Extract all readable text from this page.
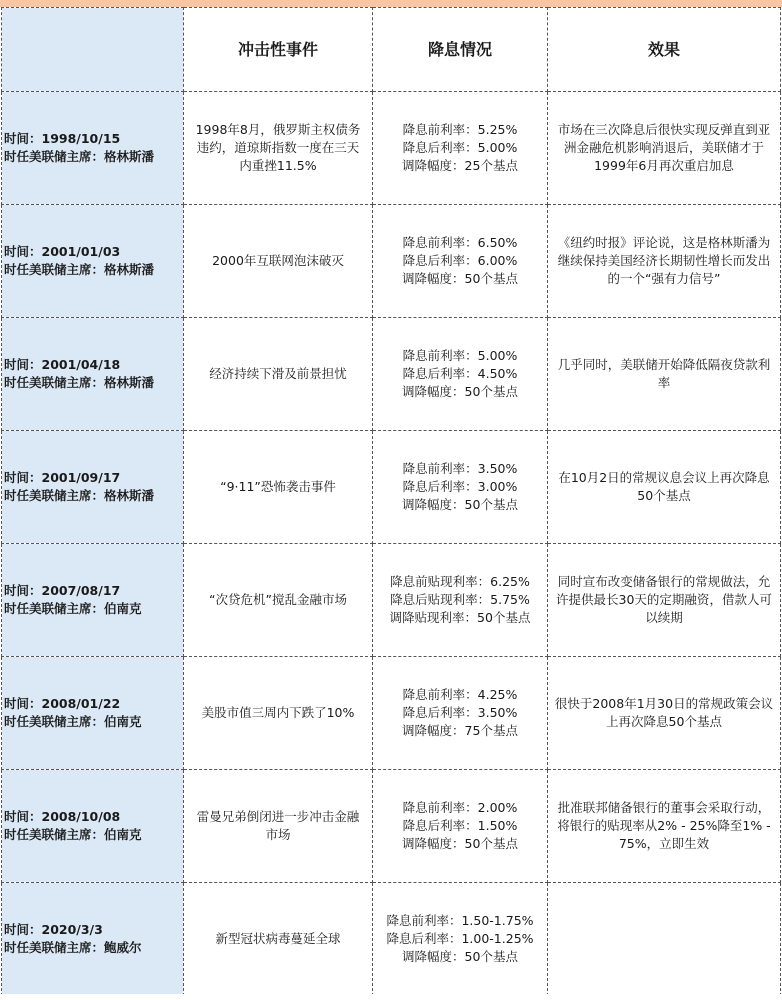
	冲击性事件	降息情况	效果

时间：1998/10/15
时任美联储主席：格林斯潘	1998年8月，俄罗斯主权债务违约，道琼斯指数一度在三天内重挫11.5%	降息前利率：5.25%
降息后利率：5.00%
调降幅度：25个基点	市场在三次降息后很快实现反弹直到亚洲金融危机影响消退后，美联储才于1999年6月再次重启加息

时间：2001/01/03
时任美联储主席：格林斯潘	2000年互联网泡沫破灭	降息前利率：6.50%
降息后利率：6.00%
调降幅度：50个基点	《纽约时报》评论说，这是格林斯潘为继续保持美国经济长期韧性增长而发出的一个“强有力信号”

时间：2001/04/18
时任美联储主席：格林斯潘	经济持续下滑及前景担忧	降息前利率：5.00%
降息后利率：4.50%
调降幅度：50个基点	几乎同时，美联储开始降低隔夜贷款利率

时间：2001/09/17
时任美联储主席：格林斯潘	“9·11”恐怖袭击事件	降息前利率：3.50%
降息后利率：3.00%
调降幅度：50个基点	在10月2日的常规议息会议上再次降息50个基点

时间：2007/08/17
时任美联储主席：伯南克	“次贷危机”搅乱金融市场	降息前贴现利率：6.25%
降息后贴现利率：5.75%
调降贴现利率：50个基点	同时宣布改变储备银行的常规做法，允许提供最长30天的定期融资，借款人可以续期

时间：2008/01/22
时任美联储主席：伯南克	美股市值三周内下跌了10%	降息前利率：4.25%
降息后利率：3.50%
调降幅度：75个基点	很快于2008年1月30日的常规政策会议上再次降息50个基点

时间：2008/10/08
时任美联储主席：伯南克	雷曼兄弟倒闭进一步冲击金融市场	降息前利率：2.00%
降息后利率：1.50%
调降幅度：50个基点	批准联邦储备银行的董事会采取行动，将银行的贴现率从2% - 25%降至1% - 75%，立即生效

时间：2020/3/3
时任美联储主席：鲍威尔	新型冠状病毒蔓延全球	降息前利率：1.50-1.75%
降息后利率：1.00-1.25%
调降幅度：50个基点	
